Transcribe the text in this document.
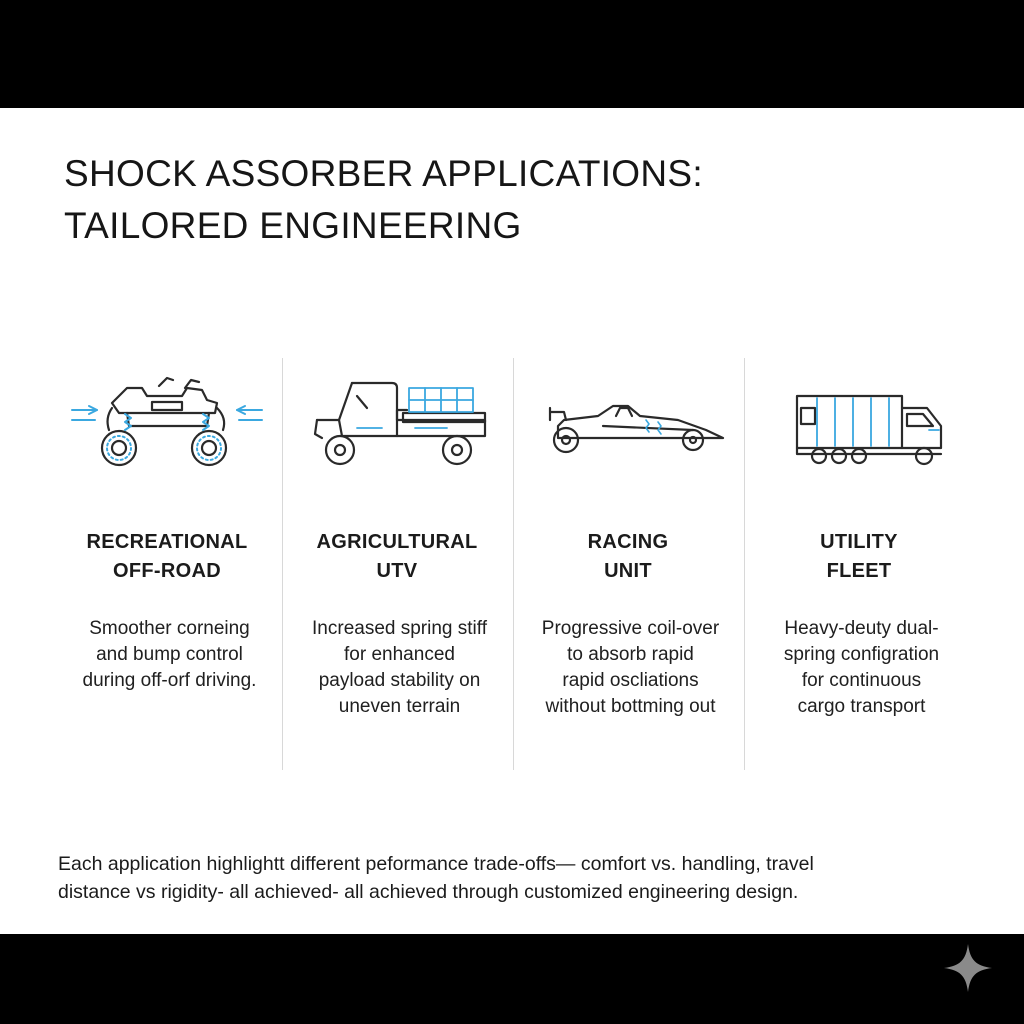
SHOCK ASSORBER APPLICATIONS:
TAILORED ENGINEERING
RECREATIONAL
OFF-ROAD
Smoother corneing
and bump control
during off-orf driving.
AGRICULTURAL
UTV
Increased spring stiff
for enhanced
payload stability on
uneven terrain
RACING
UNIT
Progressive coil-over
to absorb rapid
rapid oscliations
without bottming out
UTILITY
FLEET
Heavy-deuty dual-
spring configration
for continuous
cargo transport

Each application highlightt different peformance trade-offs— comfort vs. handling, travel
distance vs rigidity- all achieved- all achieved through customized engineering design.
